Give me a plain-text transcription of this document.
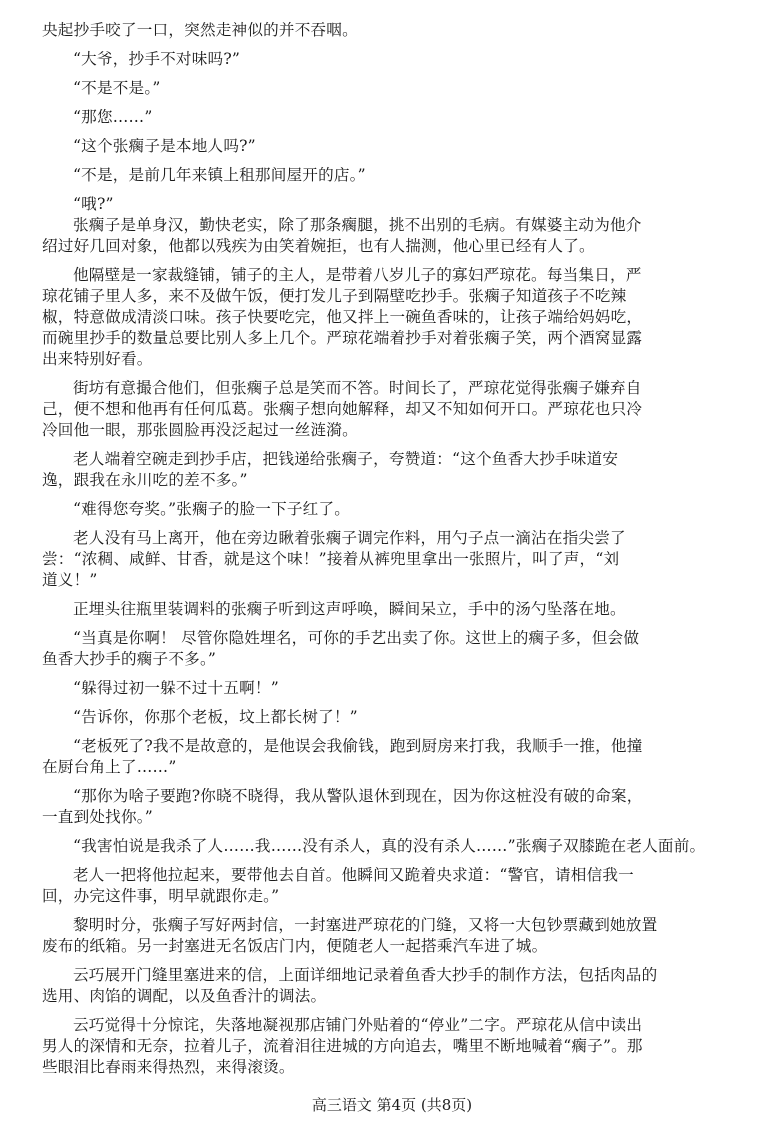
央起抄手咬了一口，突然走神似的并不吞咽。
“大爷，抄手不对味吗?”
“不是不是。”
“那您……”
“这个张瘸子是本地人吗?”
“不是，是前几年来镇上租那间屋开的店。”
“哦?”
张瘸子是单身汉，勤快老实，除了那条瘸腿，挑不出别的毛病。有媒婆主动为他介
绍过好几回对象，他都以残疾为由笑着婉拒，也有人揣测，他心里已经有人了。
他隔壁是一家裁缝铺，铺子的主人，是带着八岁儿子的寡妇严琼花。每当集日，严
琼花铺子里人多，来不及做午饭，便打发儿子到隔壁吃抄手。张瘸子知道孩子不吃辣
椒，特意做成清淡口味。孩子快要吃完，他又拌上一碗鱼香味的，让孩子端给妈妈吃，
而碗里抄手的数量总要比别人多上几个。严琼花端着抄手对着张瘸子笑，两个酒窝显露
出来特别好看。
街坊有意撮合他们，但张瘸子总是笑而不答。时间长了，严琼花觉得张瘸子嫌弃自
己，便不想和他再有任何瓜葛。张瘸子想向她解释，却又不知如何开口。严琼花也只冷
冷回他一眼，那张圆脸再没泛起过一丝涟漪。
老人端着空碗走到抄手店，把钱递给张瘸子，夸赞道：“这个鱼香大抄手味道安
逸，跟我在永川吃的差不多。”
“难得您夸奖。”张瘸子的脸一下子红了。
老人没有马上离开，他在旁边瞅着张瘸子调完作料，用勺子点一滴沾在指尖尝了
尝：“浓稠、咸鲜、甘香，就是这个味！”接着从裤兜里拿出一张照片，叫了声，“刘
道义！”
正埋头往瓶里装调料的张瘸子听到这声呼唤，瞬间呆立，手中的汤勺坠落在地。
“当真是你啊！ 尽管你隐姓埋名，可你的手艺出卖了你。这世上的瘸子多，但会做
鱼香大抄手的瘸子不多。”
“躲得过初一躲不过十五啊！”
“告诉你，你那个老板，坟上都长树了！”
“老板死了?我不是故意的，是他误会我偷钱，跑到厨房来打我，我顺手一推，他撞
在厨台角上了……”
“那你为啥子要跑?你晓不晓得，我从警队退休到现在，因为你这桩没有破的命案，
一直到处找你。”
“我害怕说是我杀了人……我……没有杀人，真的没有杀人……”张瘸子双膝跪在老人面前。
老人一把将他拉起来，要带他去自首。他瞬间又跪着央求道：“警官，请相信我一
回，办完这件事，明早就跟你走。”
黎明时分，张瘸子写好两封信，一封塞进严琼花的门缝，又将一大包钞票藏到她放置
废布的纸箱。另一封塞进无名饭店门内，便随老人一起搭乘汽车进了城。
云巧展开门缝里塞进来的信，上面详细地记录着鱼香大抄手的制作方法，包括肉品的
选用、肉馅的调配，以及鱼香汁的调法。
云巧觉得十分惊诧，失落地凝视那店铺门外贴着的“停业”二字。严琼花从信中读出
男人的深情和无奈，拉着儿子，流着泪往进城的方向追去，嘴里不断地喊着“瘸子”。那
些眼泪比春雨来得热烈，来得滚烫。
高三语文 第4页 (共8页)
